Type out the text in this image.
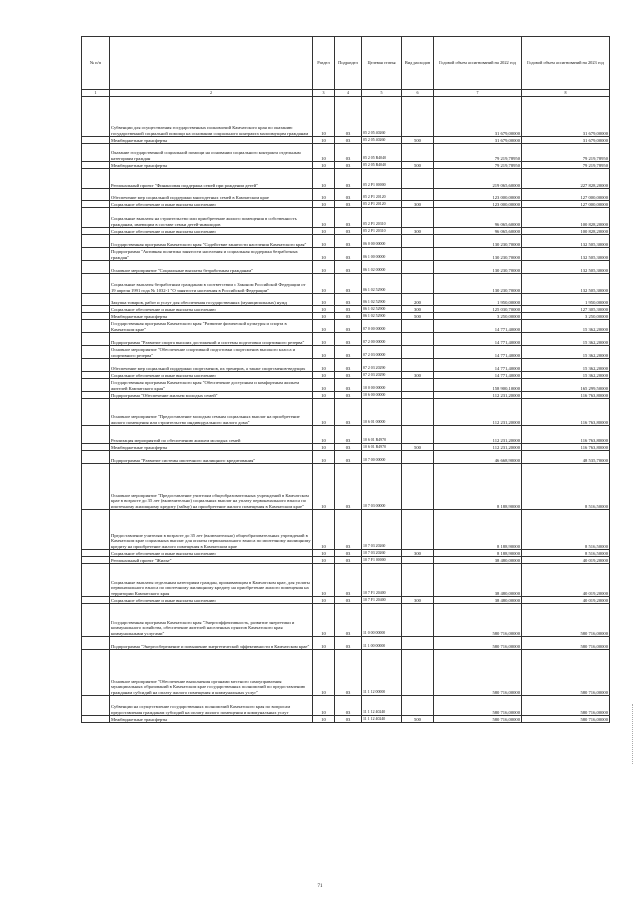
№ п/п		Раздел	Подраздел	Целевая статья	Вид расходов	Годовой объем ассигнований на 2022 год	Годовой объем ассигнований на 2023 год
1	2	3	4	5	6	7	8
	Субвенции для осуществления государственных полномочий Камчатского края по оказанию государственной социальной помощи на основании социального контракта малоимущим гражданам	10	03	05 2 05 40260		31 679,00000	31 679,00000
	Межбюджетные трансферты	10	03	05 2 05 40260	500	31 679,00000	31 679,00000
	Оказание государственной социальной помощи на основании социального контракта отдельным категориям граждан	10	03	05 2 05 R4040		79 219,78950	79 219,78950
	Межбюджетные трансферты	10	03	05 2 05 R4040	500	79 219,78950	79 219,78950
	Региональный проект "Финансовая поддержка семей при рождении детей"	10	03	05 2 P1 00000		219 065,60000	227 828,20000
	Обеспечение мер социальной поддержки многодетных семей в Камчатском крае	10	03	05 2 P1 20120		123 000,00000	127 000,00000
	Социальное обеспечение и иные выплаты населению	10	03	05 2 P1 20120	300	123 000,00000	127 000,00000
	Социальные выплаты на строительство или приобретение жилого помещения в собственность гражданам, имеющим в составе семьи детей-инвалидов	10	03	05 2 P1 20310		96 065,60000	100 828,20000
	Социальное обеспечение и иные выплаты населению	10	03	05 2 P1 20310	300	96 065,60000	100 828,20000
	Государственная программа Камчатского края "Содействие занятости населения Камчатского края"	10	03	06 0 00 00000		130 230,70000	132 505,30000
	Подпрограмма "Активная политика занятости населения и социальная поддержка безработных граждан"	10	03	06 1 00 00000		130 230,70000	132 505,30000
	Основное мероприятие "Социальные выплаты безработным гражданам"	10	03	06 1 02 00000		130 230,70000	132 505,30000
	Социальные выплаты безработным гражданам в соответствии с Законом Российской Федерации от 19 апреля 1991 года № 1032-1 "О занятости населения в Российской Федерации"	10	03	06 1 02 52900		130 230,70000	132 505,30000
	Закупка товаров, работ и услуг для обеспечения государственных (муниципальных) нужд	10	03	06 1 02 52900	200	1 950,00000	1 950,00000
	Социальное обеспечение и иные выплаты населению	10	03	06 1 02 52900	300	125 030,70000	127 305,30000
	Межбюджетные трансферты	10	03	06 1 02 52900	500	3 250,00000	3 250,00000
	Государственная программа Камчатского края "Развитие физической культуры и спорта в Камчатском крае"	10	03	07 0 00 00000		14 771,40000	15 362,20000
	Подпрограмма "Развитие спорта высших достижений и системы подготовки спортивного резерва"	10	03	07 2 00 00000		14 771,40000	15 362,20000
	Основное мероприятие "Обеспечение спортивной подготовки спортсменов высокого класса и спортивного резерва"	10	03	07 2 03 00000		14 771,40000	15 362,20000
	Обеспечение мер социальной поддержки спортсменов, их тренеров, а также спортсменов-ведущих	10	03	07 2 03 20290		14 771,40000	15 362,20000
	Социальное обеспечение и иные выплаты населению	10	03	07 2 03 20290	300	14 771,40000	15 362,20000
	Государственная программа Камчатского края "Обеспечение доступным и комфортным жильем жителей Камчатского края"	10	03	10 0 00 00000		158 900,10000	165 299,50000
	Подпрограмма "Обеспечение жильем молодых семей"	10	03	10 6 00 00000		112 231,20000	116 763,80000
	Основное мероприятие "Предоставление молодым семьям социальных выплат на приобретение жилого помещения или строительство индивидуального жилого дома"	10	03	10 6 01 00000		112 231,20000	116 763,80000
	Реализация мероприятий по обеспечению жильем молодых семей	10	03	10 6 01 R4970		112 231,20000	116 763,80000
	Межбюджетные трансферты	10	03	10 6 01 R4970	500	112 231,20000	116 763,80000
	Подпрограмма "Развитие системы ипотечного жилищного кредитования"	10	03	10 7 00 00000		46 668,90000	48 535,70000
	Основное мероприятие "Предоставление учителям общеобразовательных учреждений в Камчатском крае в возрасте до 35 лет (включительно) социальных выплат на уплату первоначального взноса по ипотечному жилищному кредиту (займу) на приобретение жилого помещения в Камчатском крае"	10	03	10 7 03 00000		8 188,90000	8 516,50000
	Предоставление учителям в возрасте до 35 лет (включительно) общеобразовательных учреждений в Камчатском крае социальных выплат для оплаты первоначального взноса по ипотечному жилищному кредиту на приобретение жилого помещения в Камчатском крае	10	03	10 7 03 20260		8 188,90000	8 516,50000
	Социальное обеспечение и иные выплаты населению	10	03	10 7 03 20260	300	8 188,90000	8 516,50000
	Региональный проект "Жилье"	10	03	10 7 F1 00000		38 480,00000	40 019,20000
	Социальные выплаты отдельным категориям граждан, проживающим в Камчатском крае, для уплаты первоначального взноса по ипотечному жилищному кредиту на приобретение жилого помещения на территории Камчатского края	10	03	10 7 F1 20400		38 480,00000	40 019,20000
	Социальное обеспечение и иные выплаты населению	10	03	10 7 F1 20400	300	38 480,00000	40 019,20000
	Государственная программа Камчатского края "Энергоэффективность, развитие энергетики и коммунального хозяйства, обеспечение жителей населенных пунктов Камчатского края коммунальными услугами"	10	03	11 0 00 00000		580 716,00000	580 716,00000
	Подпрограмма "Энергосбережение и повышение энергетической эффективности в Камчатском крае"	10	03	11 1 00 00000		580 716,00000	580 716,00000
	Основное мероприятие "Обеспечение выполнения органами местного самоуправления муниципальных образований в Камчатском крае государственных полномочий по предоставлению гражданам субсидий на оплату жилого помещения и коммунальных услуг"	10	03	11 1 12 00000		580 716,00000	580 716,00000
	Субвенции на осуществление государственных полномочий Камчатского края по вопросам предоставления гражданам субсидий на оплату жилого помещения и коммунальных услуг	10	03	11 1 12 40240		580 716,00000	580 716,00000
	Межбюджетные трансферты	10	03	11 1 12 40240	500	580 716,00000	580 716,00000
71
